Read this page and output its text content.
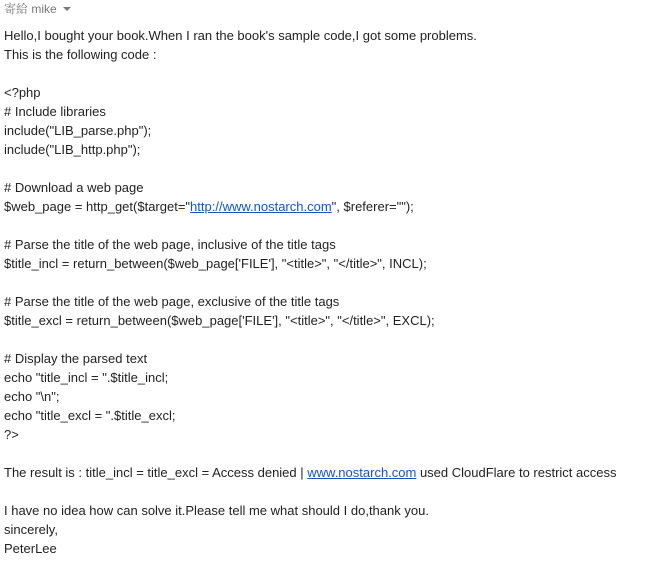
寄給 mike
Hello,I bought your book.When I ran the book's sample code,I got some problems.
This is the following code :
<?php
# Include libraries
include("LIB_parse.php");
include("LIB_http.php");
# Download a web page
$web_page = http_get($target="http://www.nostarch.com", $referer="");
# Parse the title of the web page, inclusive of the title tags
$title_incl = return_between($web_page['FILE'], "<title>", "</title>", INCL);
# Parse the title of the web page, exclusive of the title tags
$title_excl = return_between($web_page['FILE'], "<title>", "</title>", EXCL);
# Display the parsed text
echo "title_incl = ".$title_incl;
echo "\n";
echo "title_excl = ".$title_excl;
?>
The result is : title_incl = title_excl = Access denied | www.nostarch.com used CloudFlare to restrict access
I have no idea how can solve it.Please tell me what should I do,thank you.
sincerely,
PeterLee
